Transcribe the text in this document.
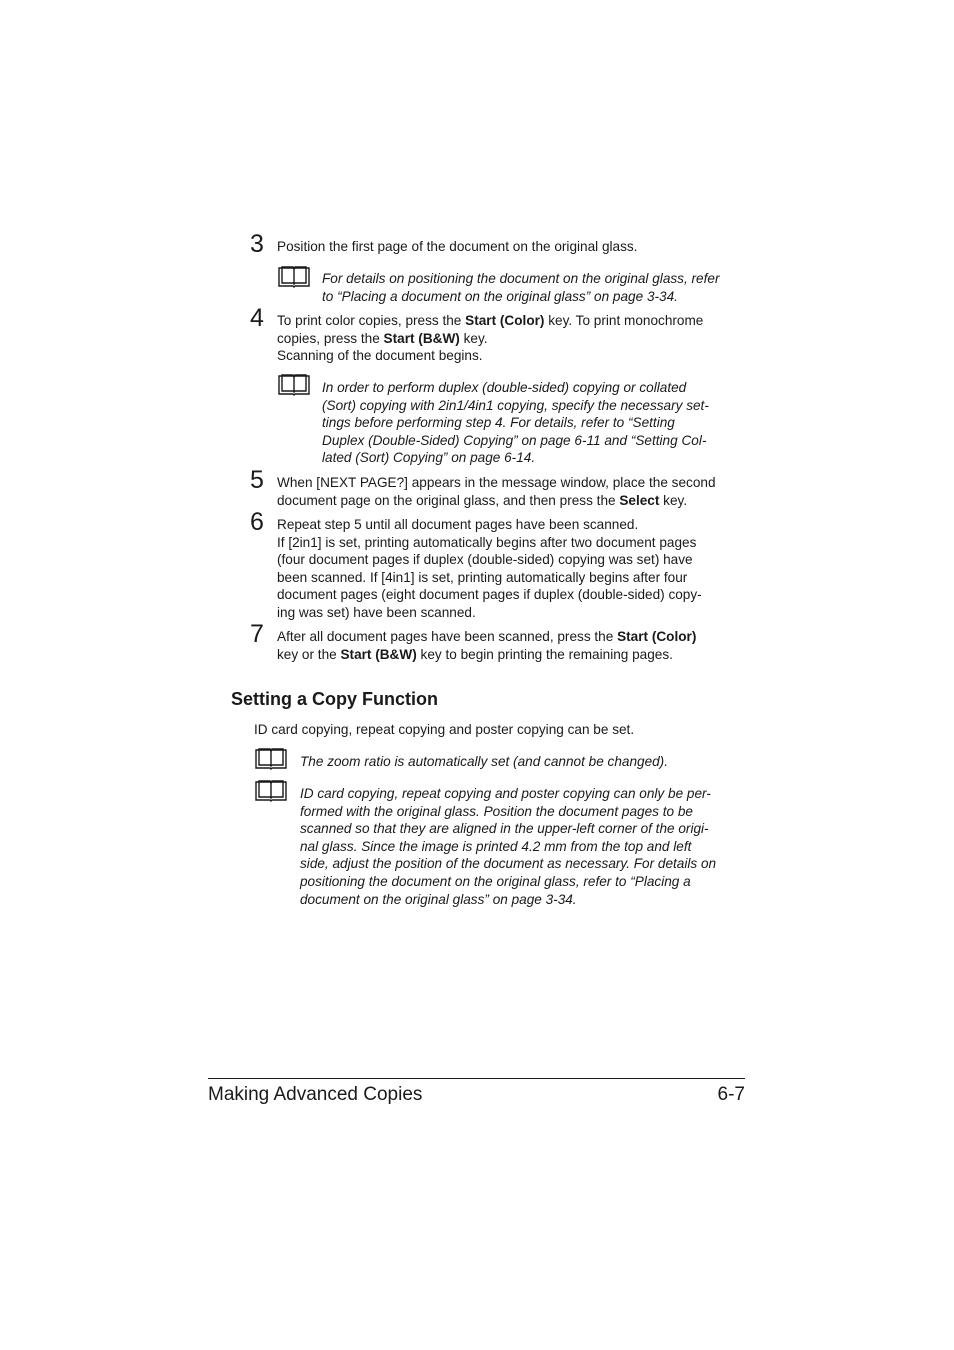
3 Position the first page of the document on the original glass.

For details on positioning the document on the original glass, refer
to “Placing a document on the original glass” on page 3-34.

4 To print color copies, press the Start (Color) key. To print monochrome
copies, press the Start (B&W) key.
Scanning of the document begins.

In order to perform duplex (double-sided) copying or collated
(Sort) copying with 2in1/4in1 copying, specify the necessary set-
tings before performing step 4. For details, refer to “Setting
Duplex (Double-Sided) Copying” on page 6-11 and “Setting Col-
lated (Sort) Copying” on page 6-14.

5 When [NEXT PAGE?] appears in the message window, place the second
document page on the original glass, and then press the Select key.

6 Repeat step 5 until all document pages have been scanned.
If [2in1] is set, printing automatically begins after two document pages
(four document pages if duplex (double-sided) copying was set) have
been scanned. If [4in1] is set, printing automatically begins after four
document pages (eight document pages if duplex (double-sided) copy-
ing was set) have been scanned.

7 After all document pages have been scanned, press the Start (Color)
key or the Start (B&W) key to begin printing the remaining pages.

Setting a Copy Function

ID card copying, repeat copying and poster copying can be set.

The zoom ratio is automatically set (and cannot be changed).

ID card copying, repeat copying and poster copying can only be per-
formed with the original glass. Position the document pages to be
scanned so that they are aligned in the upper-left corner of the origi-
nal glass. Since the image is printed 4.2 mm from the top and left
side, adjust the position of the document as necessary. For details on
positioning the document on the original glass, refer to “Placing a
document on the original glass” on page 3-34.

Making Advanced Copies	6-7
